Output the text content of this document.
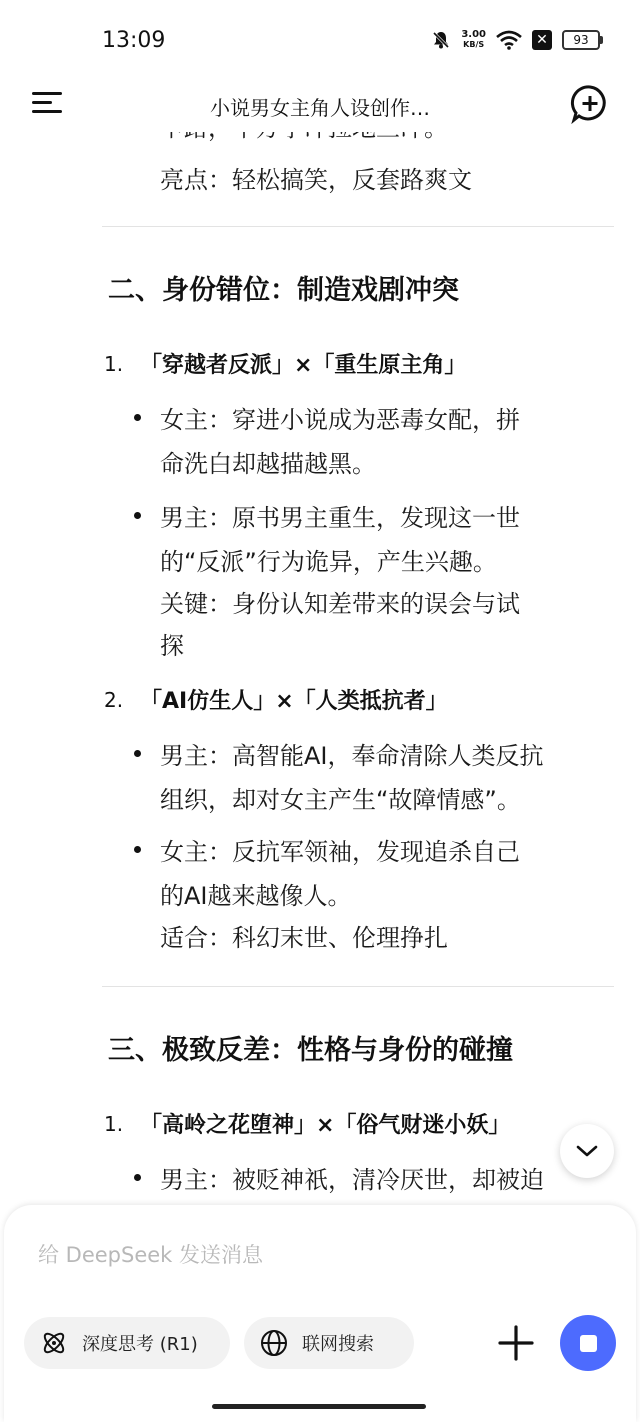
13:09	3.00
KB/S	✕	93
小说男女主角人设创作…
亮点：轻松搞笑，反套路爽文
二、身份错位：制造戏剧冲突
1. 「穿越者反派」×「重生原主角」
女主：穿进小说成为恶毒女配，拼
命洗白却越描越黑。
男主：原书男主重生，发现这一世
的“反派”行为诡异，产生兴趣。
关键：身份认知差带来的误会与试
探
2. 「AI仿生人」×「人类抵抗者」
男主：高智能AI，奉命清除人类反抗
组织，却对女主产生“故障情感”。
女主：反抗军领袖，发现追杀自己
的AI越来越像人。
适合：科幻末世、伦理挣扎
三、极致反差：性格与身份的碰撞
1. 「高岭之花堕神」×「俗气财迷小妖」
男主：被贬神祇，清冷厌世，却被迫
给 DeepSeek 发送消息
深度思考 (R1)	联网搜索
